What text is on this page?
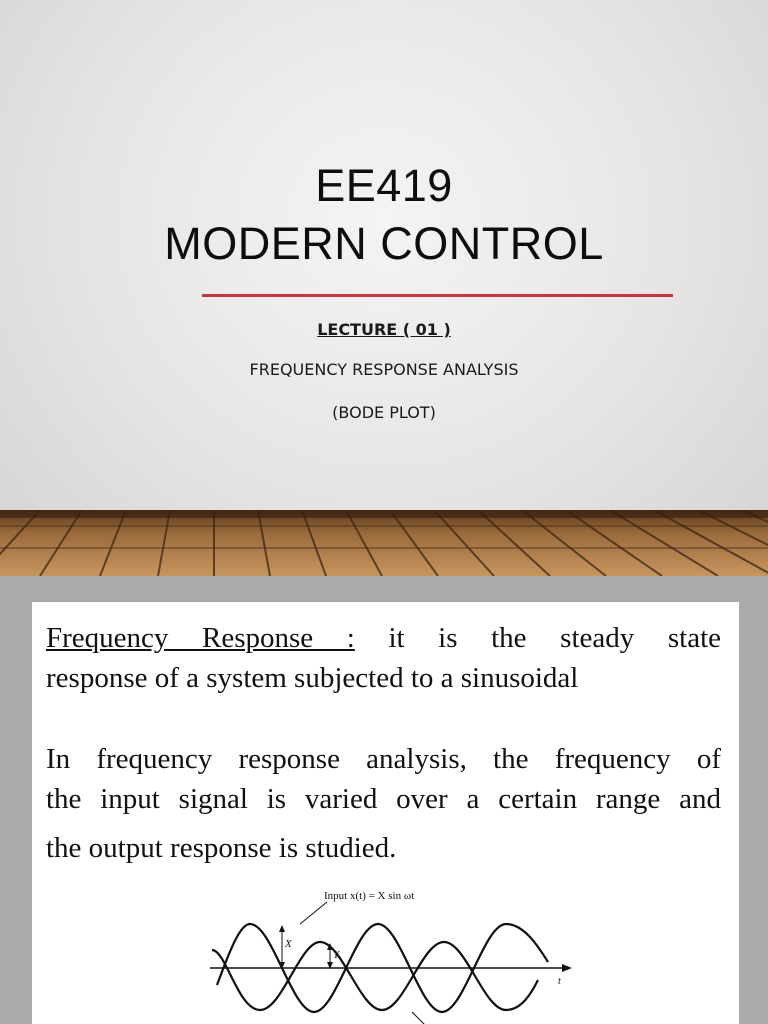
EE419
MODERN CONTROL
LECTURE ( 01 )
FREQUENCY RESPONSE ANALYSIS
(BODE PLOT)
Frequency Response : it is the steady state
response of a system subjected to a sinusoidal
In frequency response analysis, the frequency of
the input signal is varied over a certain range and
the output response is studied.
t
X
Y
Input x(t) = X sin ωt
